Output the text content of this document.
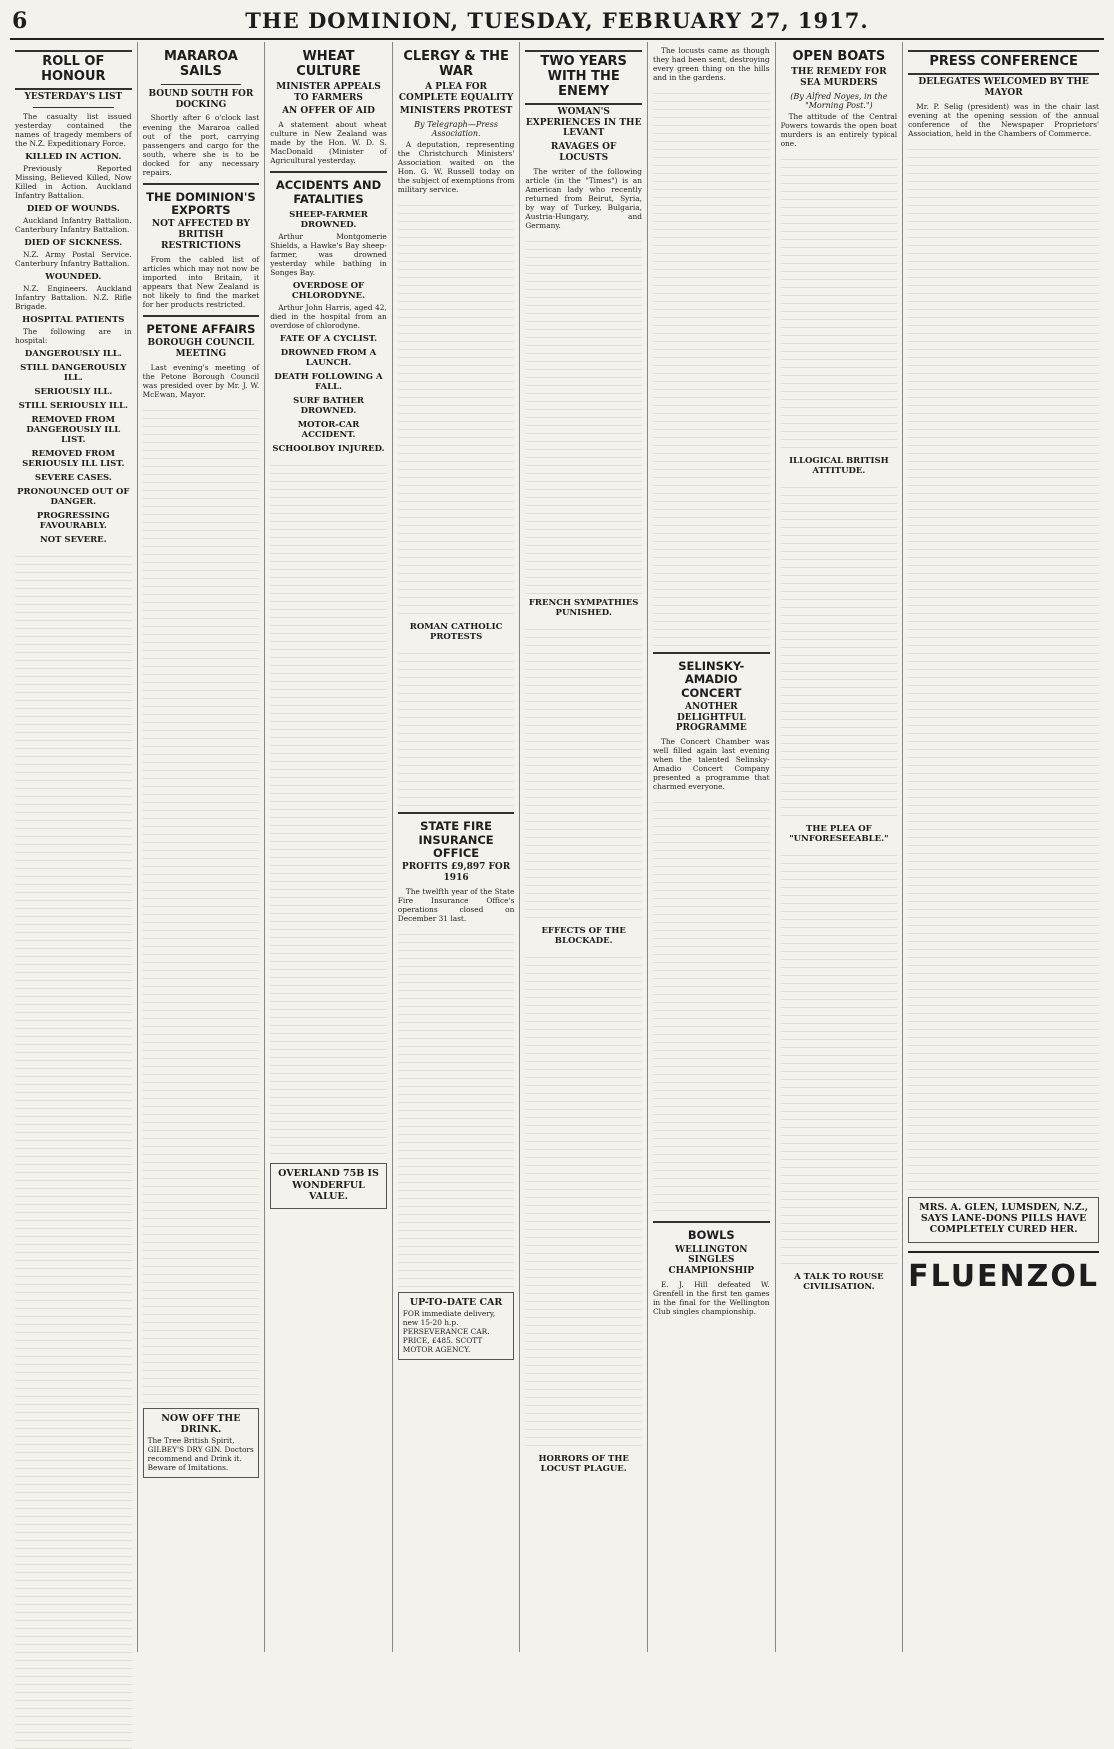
6	THE DOMINION, TUESDAY, FEBRUARY 27, 1917.
ROLL OF HONOUR
YESTERDAY'S LIST

The casualty list issued yesterday contained the names of tragedy members of the N.Z. Expeditionary Force.

KILLED IN ACTION.

Previously Reported Missing, Believed Killed, Now Killed in Action. Auckland Infantry Battalion.

DIED OF WOUNDS.

Auckland Infantry Battalion. Canterbury Infantry Battalion.

DIED OF SICKNESS.

N.Z. Army Postal Service. Canterbury Infantry Battalion.

WOUNDED.

N.Z. Engineers. Auckland Infantry Battalion. N.Z. Rifle Brigade.

HOSPITAL PATIENTS

The following are in hospital:

DANGEROUSLY ILL.
STILL DANGEROUSLY ILL.
SERIOUSLY ILL.
STILL SERIOUSLY ILL.
REMOVED FROM DANGEROUSLY ILL LIST.
REMOVED FROM SERIOUSLY ILL LIST.
SEVERE CASES.
PRONOUNCED OUT OF DANGER.
PROGRESSING FAVOURABLY.
NOT SEVERE.
MARAROA SAILS
BOUND SOUTH FOR DOCKING

Shortly after 6 o'clock last evening the Mararoa called out of the port, carrying passengers and cargo for the south, where she is to be docked for any necessary repairs.

THE DOMINION'S EXPORTS
NOT AFFECTED BY BRITISH RESTRICTIONS

From the cabled list of articles which may not now be imported into Britain, it appears that New Zealand is not likely to find the market for her products restricted.

PETONE AFFAIRS
BOROUGH COUNCIL MEETING

Last evening's meeting of the Petone Borough Council was presided over by Mr. J. W. McEwan, Mayor.

NOW OFF THE DRINK.
The Tree British Spirit, GILBEY'S DRY GIN. Doctors recommend and Drink it. Beware of Imitations.
WHEAT CULTURE
MINISTER APPEALS TO FARMERS
AN OFFER OF AID

A statement about wheat culture in New Zealand was made by the Hon. W. D. S. MacDonald (Minister of Agricultural yesterday.

ACCIDENTS AND FATALITIES
SHEEP-FARMER DROWNED.

Arthur Montgomerie Shields, a Hawke's Bay sheep-farmer, was drowned yesterday while bathing in Songes Bay.

OVERDOSE OF CHLORODYNE.

Arthur John Harris, aged 42, died in the hospital from an overdose of chlorodyne.

FATE OF A CYCLIST.
DROWNED FROM A LAUNCH.
DEATH FOLLOWING A FALL.
SURF BATHER DROWNED.
MOTOR-CAR ACCIDENT.
SCHOOLBOY INJURED.
OVERLAND 75B IS WONDERFUL VALUE.
CLERGY & THE WAR
A PLEA FOR COMPLETE EQUALITY
MINISTERS PROTEST
By Telegraph—Press Association.

A deputation, representing the Christchurch Ministers' Association waited on the Hon. G. W. Russell today on the subject of exemptions from military service.

ROMAN CATHOLIC PROTESTS
STATE FIRE INSURANCE OFFICE
PROFITS £9,897 FOR 1916

The twelfth year of the State Fire Insurance Office's operations closed on December 31 last.

UP-TO-DATE CAR
FOR immediate delivery, new 15-20 h.p. PERSEVERANCE CAR. PRICE, £485. SCOTT MOTOR AGENCY.
TWO YEARS WITH THE ENEMY
WOMAN'S EXPERIENCES IN THE LEVANT
RAVAGES OF LOCUSTS

The writer of the following article (in the "Times") is an American lady who recently returned from Beirut, Syria, by way of Turkey, Bulgaria, Austria-Hungary, and Germany.

FRENCH SYMPATHIES PUNISHED.
EFFECTS OF THE BLOCKADE.
HORRORS OF THE LOCUST PLAGUE.

The locusts came as though they had been sent, destroying every green thing on the hills and in the gardens.

SELINSKY-AMADIO CONCERT
ANOTHER DELIGHTFUL PROGRAMME

The Concert Chamber was well filled again last evening when the talented Selinsky-Amadio Concert Company presented a programme that charmed everyone.

BOWLS
WELLINGTON SINGLES CHAMPIONSHIP

E. J. Hill defeated W. Grenfell in the first ten games in the final for the Wellington Club singles championship.

OPEN BOATS
THE REMEDY FOR SEA MURDERS
(By Alfred Noyes, in the "Morning Post.")

The attitude of the Central Powers towards the open boat murders is an entirely typical one.

ILLOGICAL BRITISH ATTITUDE.
THE PLEA OF "UNFORESEEABLE."
A TALK TO ROUSE CIVILISATION.
PRESS CONFERENCE
DELEGATES WELCOMED BY THE MAYOR

Mr. P. Selig (president) was in the chair last evening at the opening session of the annual conference of the Newspaper Proprietors' Association, held in the Chambers of Commerce.

MRS. A. GLEN, LUMSDEN, N.Z., SAYS LANE-DONS PILLS HAVE COMPLETELY CURED HER.
FLUENZOL
